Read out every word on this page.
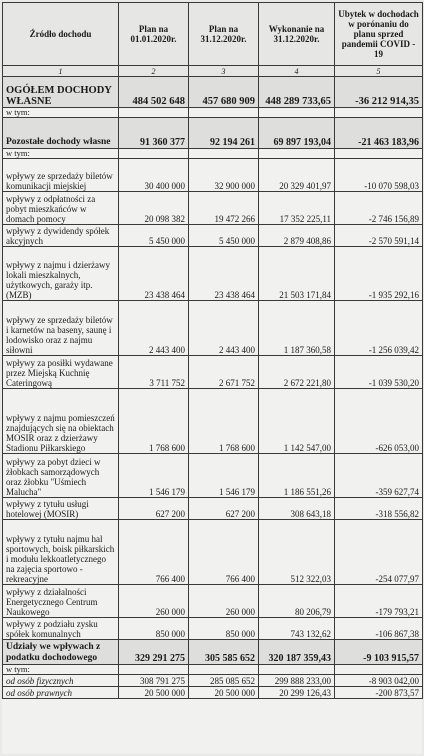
Źródło dochodu	Plan na 01.01.2020r.	Plan na 31.12.2020r.	Wykonanie na 31.12.2020r.	Ubytek w dochodach w porónaniu do planu sprzed pandemii COVID - 19
1	2	3	4	5
OGÓŁEM DOCHODY WŁASNE	484 502 648	457 680 909	448 289 733,65	-36 212 914,35
w tym:				
Pozostałe dochody własne	91 360 377	92 194 261	69 897 193,04	-21 463 183,96
w tym:				
wpływy ze sprzedaży biletów komunikacji miejskiej	30 400 000	32 900 000	20 329 401,97	-10 070 598,03
wpływy z odpłatności za pobyt mieszkańców w domach pomocy	20 098 382	19 472 266	17 352 225,11	-2 746 156,89
wpływy z dywidendy spółek akcyjnych	5 450 000	5 450 000	2 879 408,86	-2 570 591,14
wpływy z najmu i dzierżawy lokali mieszkalnych, użytkowych, garaży itp. (MZB)	23 438 464	23 438 464	21 503 171,84	-1 935 292,16
wpływy ze sprzedaży biletów i karnetów na baseny, saunę i lodowisko oraz z najmu siłowni	2 443 400	2 443 400	1 187 360,58	-1 256 039,42
wpływy za posiłki wydawane przez Miejską Kuchnię Cateringową	3 711 752	2 671 752	2 672 221,80	-1 039 530,20
wpływy z najmu pomieszczeń znajdujących się na obiektach MOSIR oraz z dzierżawy Stadionu Piłkarskiego	1 768 600	1 768 600	1 142 547,00	-626 053,00
wpływy za pobyt dzieci w żłobkach samorządowych oraz żłobku "Uśmiech Malucha"	1 546 179	1 546 179	1 186 551,26	-359 627,74
wpływy z tytułu usługi hotelowej (MOSIR)	627 200	627 200	308 643,18	-318 556,82
wpływy z tytułu najmu hal sportowych, boisk piłkarskich i modułu lekkoatletycznego na zajęcia sportowo - rekreacyjne	766 400	766 400	512 322,03	-254 077,97
wpływy z działalności Energetycznego Centrum Naukowego	260 000	260 000	80 206,79	-179 793,21
wpływy z podziału zysku spółek komunalnych	850 000	850 000	743 132,62	-106 867,38
Udziały we wpływach z podatku dochodowego	329 291 275	305 585 652	320 187 359,43	-9 103 915,57
w tym:				
od osób fizycznych	308 791 275	285 085 652	299 888 233,00	-8 903 042,00
od osób prawnych	20 500 000	20 500 000	20 299 126,43	-200 873,57
